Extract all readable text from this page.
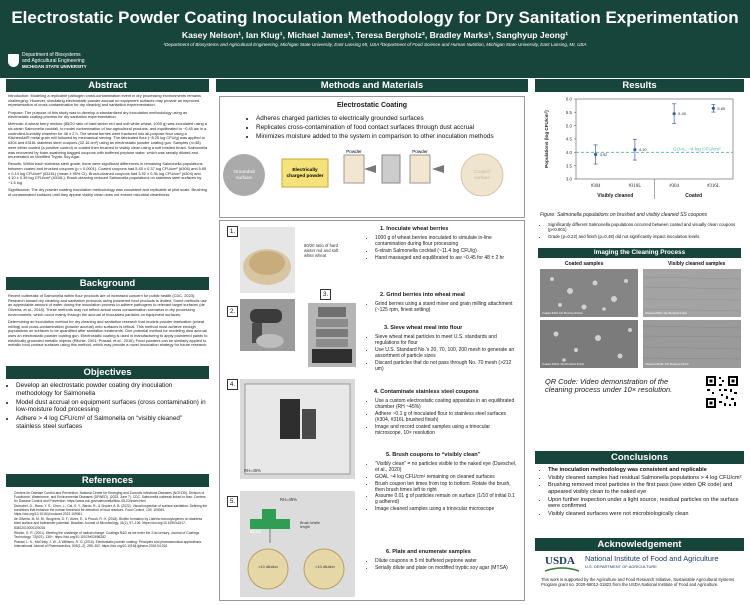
Electrostatic Powder Coating Inoculation Methodology for Dry Sanitation Experimentation
Kasey Nelson¹, Ian Klug¹, Michael James¹, Teresa Bergholz², Bradley Marks¹, Sanghyup Jeong¹
¹Department of Biosystems and Agricultural Engineering, Michigan State University, East Lansing MI, USA ²Department of Food Science and Human Nutrition, Michigan State University, East Lansing, MI, USA
Department of Biosystems
and Agricultural Engineering
MICHIGAN STATE UNIVERSITY
Abstract

Introduction: Modeling a replicable pathogen cross-contamination event in dry processing environments remains challenging. However, simulating electrostatic powder accrual on equipment surfaces may provide an improved representation of cross contamination for dry cleaning and sanitation experimentation.

Purpose: The purpose of this study was to develop a standardized dry inoculation methodology using an electrostatic coating process for dry sanitation experimentation.

Methods: A wheat berry mixture (85/20 ratio of hard winter red and soft white wheat, 1000 g) was inoculated using a six-strain Salmonella cocktail, to model contamination of low agricultural products, and equilibrated to ~0.45 aw in a controlled-humidity chamber for 48 ± 2 h. The wheat berries were fractured into all-purpose flour using a KitchenAid® metal grain mill followed by mechanical sieving. The fabricated flour (~8.25 log CFU/g) was applied to #304 and #316L stainless steel coupons (32.16 cm²) using an electrostatic powder coating gun. Samples (n=48) were either coated (a positive control) or coated then brushed to visibly clean using a soft bristled brush. Salmonella was recovered by foam-swabbing bagged coupons with buffered peptone water, which was serially diluted and enumerated on Modified Tryptic Soy Agar.

Results: Within each stainless steel grade, there were significant differences in remaining Salmonella populations between coated and brushed coupons (p < 0.0001). Coated coupons had 5.45 ± 0.37 log CFU/cm² (#304) and 5.65 ± 0.14 log CFU/cm² (#316L) (mean ± 95% CI). Brush-cleaned coupons had 3.92 ± 0.36 log CFU/cm² (#304) and 4.10 ± 0.39 log CFU/cm² (#316L). Brush-cleaning reduced Salmonella populations on stainless steel surfaces by ~1.5 log.

Significance: The dry powder coating inoculation methodology was consistent and replicable at pilot scale. Brushing of contaminated surfaces until they appear visibly clean does not ensure microbial cleanliness.

Background

Recent outbreaks of Salmonella within flour products are of increased concern for public health (CDC, 2023). Research toward dry cleaning and sanitation protocols using powdered food products is limited. Some methods use an appreciable amount of water during the inoculation process to adhere pathogens to relevant target surfaces (de Oliveira, et al., 2018). These methods may not reflect actual cross contamination scenarios in dry processing environments, which occur mainly through the accrual of inoculated particles on equipment surfaces.

Determining an inoculation method for dry cleaning and sanitation research that models powder fabrication (wheat milling) and cross-contamination (powder accrual) onto surfaces is critical. This method must achieve enough populations on surfaces to be quantified after sanitation treatments. One potential method for modeling dust accrual uses an electrostatic powder coating gun. Electrostatic coating is used in manufacturing to apply powdered paints to electrically grounded metallic objects (Ritchie, 2001; Prasad, et al., 2016). Food powders can be similarly applied to metallic food contact surfaces using this method, which may provide a novel inoculation strategy for future research.

Objectives
• Develop an electrostatic powder coating dry inoculation methodology for Salmonella
• Model dust accrual on equipment surfaces (cross contamination) in low-moisture food processing
• Adhere > 4 log CFU/cm² of Salmonella on “visibly cleaned” stainless steel surfaces
References
• Centers for Disease Control and Prevention. National Center for Emerging and Zoonotic Infectious Diseases (NCEZID), Division of Foodborne, Waterborne, and Environmental Diseases (DFWED). (2023, June 7). CDC. Salmonella outbreak linked to flour. Centers for Disease Control and Prevention. https://www.cdc.gov/salmonella/flour-05-23/index.html
• Dueschel, D., Rana, Y. S., Chen, L., Cai, S. Y., Bardo, R., & Snyder, A. B. (2022). Visual inspection of surface sanitation: Defining the conditions that enhance the human threshold for detection of food residues. Food Control, 139, 109061. https://doi.org/10.1016/j.foodcont.2022.109061
• de Oliveira, M. M. M., Brugnera, D. F., Alves, E., & Piccoli, R. H. (2018). Biofilm formation by Listeria monocytogenes on stainless steel surface and biotransfer potential. Brazilian Journal of Microbiology, 41(1), 97–106. https://doi.org/10.1590/s1517-83822010000100016
• Ritchie, G. R. (2001). Meeting the challenge of radical change: Coatings R&D as we enter the 21st century. Journal of Coatings Technology, 73(921), 138+. https://doi.org/10.1007/bf02696282
• Prasad, L. K., McGinity, J. W., & Williams, R. O. (2016). Electrostatic powder coating: Principles and pharmaceutical applications. International Journal of Pharmaceutics, 505(1–2), 289–302. https://doi.org/10.1016/j.ijpharm.2016.04.016
Methods and Materials
Electrostatic Coating
• Adheres charged particles to electrically grounded surfaces
• Replicates cross-contamination of food contact surfaces through dust accrual
• Minimizes moisture added to the system in comparison to other inoculation methods
Grounded
surface
Electrically
charged powder
Powder	Powder
Coated
surface
1.
80/20 ratio of hard winter red and soft white wheat
2.
3.
RH=45%
4.
RH=45%
5.	RH=45%
Brush
Brush bristle length
×10 dilution	×10 dilution
1. Inoculate wheat berries
• 1000 g of wheat berries inoculated to simulate in-line contamination during flour processing
• 6-strain Salmonella cocktail (~11.4 log CFU/g)
• Hand massaged and equilibrated to aw ~0.45 for 48 ± 2 hr
2. Grind berries into wheat meal
• Grind berries using a stand mixer and grain milling attachment (~125 rpm, finest setting)
3. Sieve wheat meal into flour
• Sieve wheat meal particles to meet U.S. standards and regulations for flour
• Use U.S. Standard No.’s 20, 70, 100, 200 mesh to generate an assortment of particle sizes
• Discard particles that do not pass through No. 70 mesh (>212 um)
4. Contaminate stainless steel coupons
• Use a custom electrostatic coating apparatus in an equilibrated chamber (RH ~45%)
• Adhere ~0.1 g of inoculated flour to stainless steel surfaces (#304, #316L brushed finish)
• Image and record coated samples using a trinocular microscope, 10× resolution
5. Brush coupons to “visibly clean”
• “Visibly clean” = no particles visible to the naked eye (Dueschel, et al., 2020)
• GOAL ~4 log CFU/cm² remaining on cleaned surfaces
• Brush coupon ten times from top to bottom. Rotate the brush, then brush times left to right
• Assume 0.01 g of particles remain on surface (1/10 of initial 0.1 g adhered)
• Image cleaned samples using a trinocular microscope
6. Plate and enumerate samples
• Dilute coupons in 5 ml buffered peptone water
• Serially dilute and plate on modified tryptic soy agar (MTSA)
Results
3.0
3.5
4.0
4.5
5.0
5.5
6.0
Populations (log CFU/cm²)	GOAL: ~4 log CFU/cm²
3.92
#304
4.10
#316L
5.45
#304
5.65
#316L
Visibly cleaned	Coated
Figure: Salmonella populations on brushed and visibly cleaned SS coupons
• Significantly different Salmonella populations occurred between coated and visually clean coupons (p<0.001)
• Grade (p=0.22) and finish (p=0.48) did not significantly impact inoculation levels
Imaging the Cleaning Process
Coated samples	Visibly cleaned samples
Coated #304 10x Brushed Finish	Cleaned #304 10x Brushed Finish
Coated #316L 10x Brushed Finish	Cleaned #316L 10x Brushed Finish
QR Code: Video demonstration of the cleaning process under 10× resolution.
Conclusions
• The inoculation methodology was consistent and replicable
• Visibly cleaned samples had residual Salmonella populations > 4 log CFU/cm²
• Brushing removed most particles in the first pass (see video QR code) and appeared visibly clean to the naked eye
• Upon further inspection under a light source, residual particles on the surface were confirmed
• Visibly cleaned surfaces were not microbiologically clean
Acknowledgement
USDA National Institute of Food and Agriculture
U.S. DEPARTMENT OF AGRICULTURE
This work is supported by the Agriculture and Food Research Initiative, Sustainable Agricultural Systems Program grant no. 2020-68012-31822 from the USDA National Institute of Food and Agriculture.
